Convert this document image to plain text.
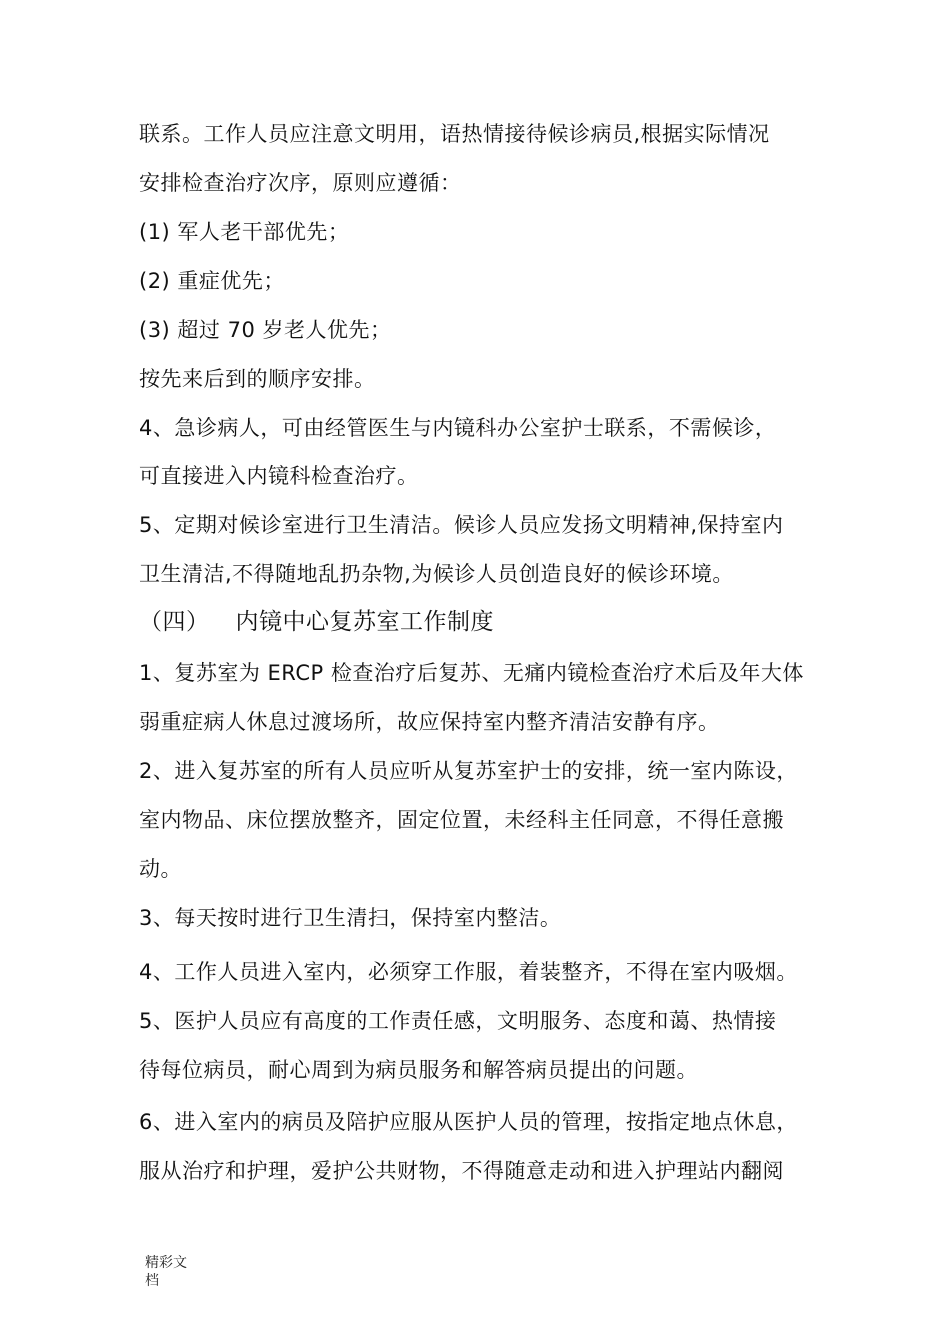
联系。工作人员应注意文明用，语热情接待候诊病员,根据实际情况
安排检查治疗次序，原则应遵循：
(1) 军人老干部优先；
(2) 重症优先；
(3) 超过 70 岁老人优先；
按先来后到的顺序安排。
4、急诊病人，可由经管医生与内镜科办公室护士联系，不需候诊，
可直接进入内镜科检查治疗。
5、定期对候诊室进行卫生清洁。候诊人员应发扬文明精神,保持室内
卫生清洁,不得随地乱扔杂物,为候诊人员创造良好的候诊环境。
（四） 内镜中心复苏室工作制度
1、复苏室为 ERCP 检查治疗后复苏、无痛内镜检查治疗术后及年大体
弱重症病人休息过渡场所，故应保持室内整齐清洁安静有序。
2、进入复苏室的所有人员应听从复苏室护士的安排，统一室内陈设，
室内物品、床位摆放整齐，固定位置，未经科主任同意，不得任意搬
动。
3、每天按时进行卫生清扫，保持室内整洁。
4、工作人员进入室内，必须穿工作服，着装整齐，不得在室内吸烟。
5、医护人员应有高度的工作责任感，文明服务、态度和蔼、热情接
待每位病员，耐心周到为病员服务和解答病员提出的问题。
6、进入室内的病员及陪护应服从医护人员的管理，按指定地点休息，
服从治疗和护理，爱护公共财物，不得随意走动和进入护理站内翻阅
精彩文
档
